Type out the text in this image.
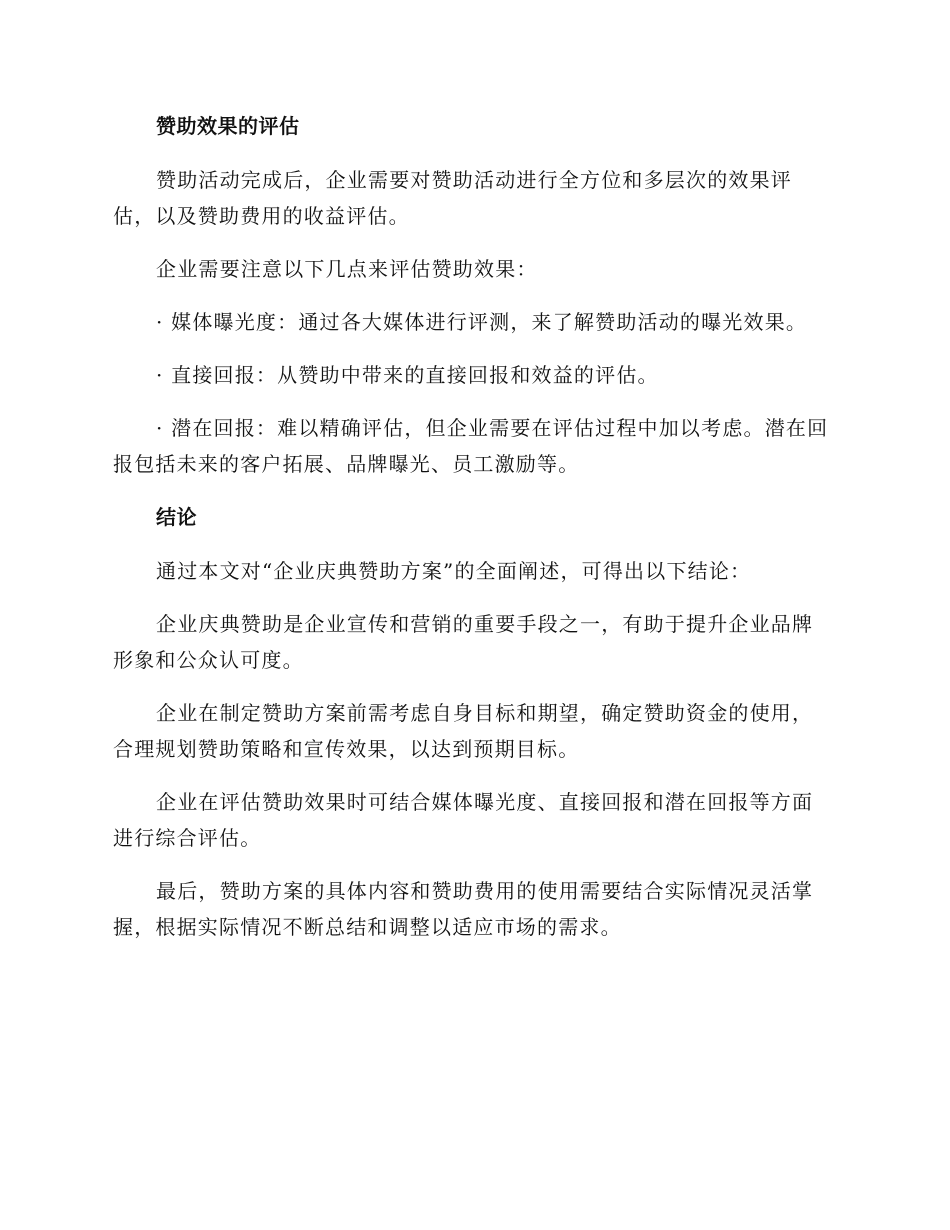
赞助效果的评估

赞助活动完成后，企业需要对赞助活动进行全方位和多层次的效果评估，以及赞助费用的收益评估。

企业需要注意以下几点来评估赞助效果：

· 媒体曝光度：通过各大媒体进行评测，来了解赞助活动的曝光效果。

· 直接回报：从赞助中带来的直接回报和效益的评估。

· 潜在回报：难以精确评估，但企业需要在评估过程中加以考虑。潜在回报包括未来的客户拓展、品牌曝光、员工激励等。

结论

通过本文对“企业庆典赞助方案”的全面阐述，可得出以下结论：

企业庆典赞助是企业宣传和营销的重要手段之一，有助于提升企业品牌形象和公众认可度。

企业在制定赞助方案前需考虑自身目标和期望，确定赞助资金的使用，合理规划赞助策略和宣传效果，以达到预期目标。

企业在评估赞助效果时可结合媒体曝光度、直接回报和潜在回报等方面进行综合评估。

最后，赞助方案的具体内容和赞助费用的使用需要结合实际情况灵活掌握，根据实际情况不断总结和调整以适应市场的需求。
